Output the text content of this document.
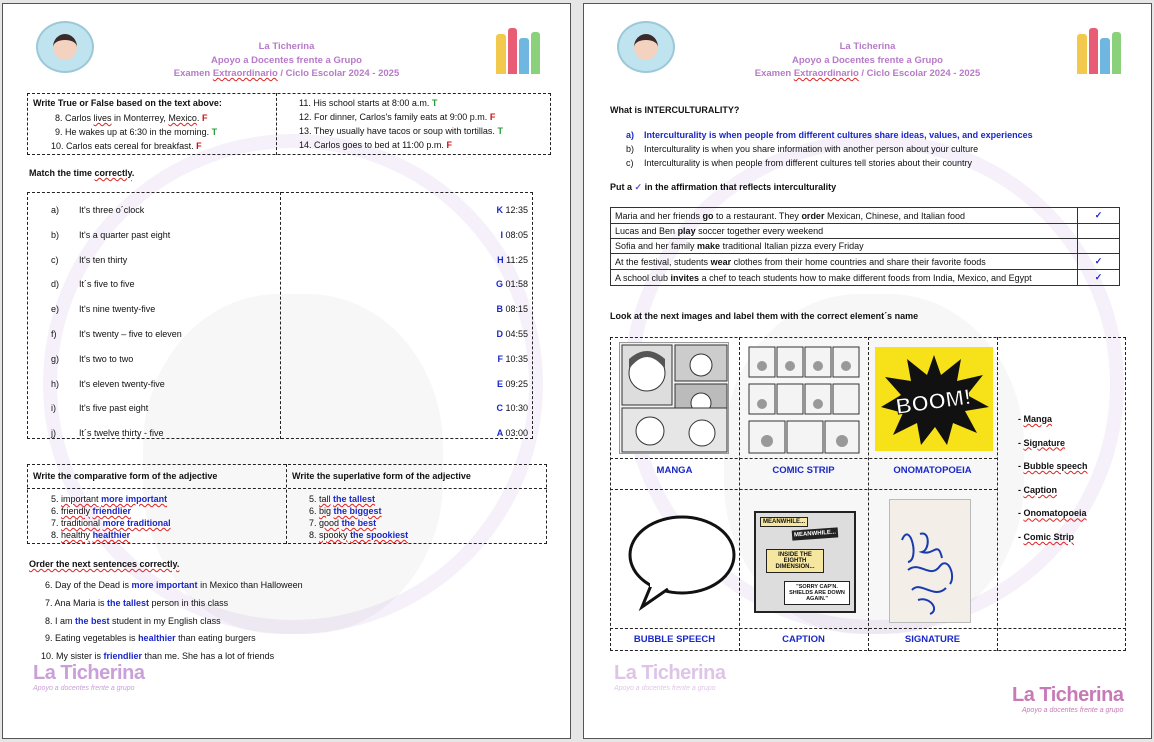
La Ticherina
Apoyo a Docentes frente a Grupo
Examen Extraordinario / Ciclo Escolar 2024 - 2025
Write True or False based on the text above:
8. Carlos lives in Monterrey, Mexico. F
9. He wakes up at 6:30 in the morning. T
10. Carlos eats cereal for breakfast. F
11. His school starts at 8:00 a.m. T
12. For dinner, Carlos's family eats at 9:00 p.m. F
13. They usually have tacos or soup with tortillas. T
14. Carlos goes to bed at 11:00 p.m. F
Match the time correctly.
a) It's three o´clock	K 12:35
b) It's a quarter past eight	I 08:05
c) It's ten thirty	H 11:25
d) It´s five to five	G 01:58
e) It's nine twenty-five	B 08:15
f)	It's twenty – five to eleven	D 04:55
g) It's two to two	F 10:35
h) It's eleven twenty-five	E 09:25
i)	It's five past eight	C 10:30
j)	It´s twelve thirty - five	A 03:00
Write the comparative form of the adjective	Write the superlative form of the adjective
5. important more important
6. friendly friendlier
7. traditional more traditional
8. healthy healthier
5. tall the tallest
6. big the biggest
7. good the best
8. spooky the spookiest
Order the next sentences correctly.
6. Day of the Dead is more important in Mexico than Halloween
7. Ana Maria is the tallest person in this class
8. I am the best student in my English class
9. Eating vegetables is healthier than eating burgers
10. My sister is friendlier than me. She has a lot of friends
La Ticherina
Apoyo a docentes frente a grupo
La Ticherina
Apoyo a Docentes frente a Grupo
Examen Extraordinario / Ciclo Escolar 2024 - 2025
What is INTERCULTURALITY?
a) Interculturality is when people from different cultures share ideas, values, and experiences
b) Interculturality is when you share information with another person about your culture
c) Interculturality is when people from different cultures tell stories about their country
Put a ✓ in the affirmation that reflects interculturality
Maria and her friends go to a restaurant. They order Mexican, Chinese, and Italian food	✓
Lucas and Ben play soccer together every weekend	
Sofia and her family make traditional Italian pizza every Friday	
At the festival, students wear clothes from their home countries and share their favorite foods	✓
A school club invites a chef to teach students how to make different foods from India, Mexico, and Egypt	✓
Look at the next images and label them with the correct element´s name
BOOM!
MEANWHILE...
MEANWHILE...
INSIDE THE EIGHTH DIMENSION...
"SORRY CAP'N. SHIELDS ARE DOWN AGAIN."
MANGA	COMIC STRIP	ONOMATOPOEIA
BUBBLE SPEECH	CAPTION	SIGNATURE
- Manga
- Signature
- Bubble speech
- Caption
- Onomatopoeia
- Comic Strip
La Ticherina
Apoyo a docentes frente a grupo
La Ticherina
Apoyo a docentes frente a grupo
